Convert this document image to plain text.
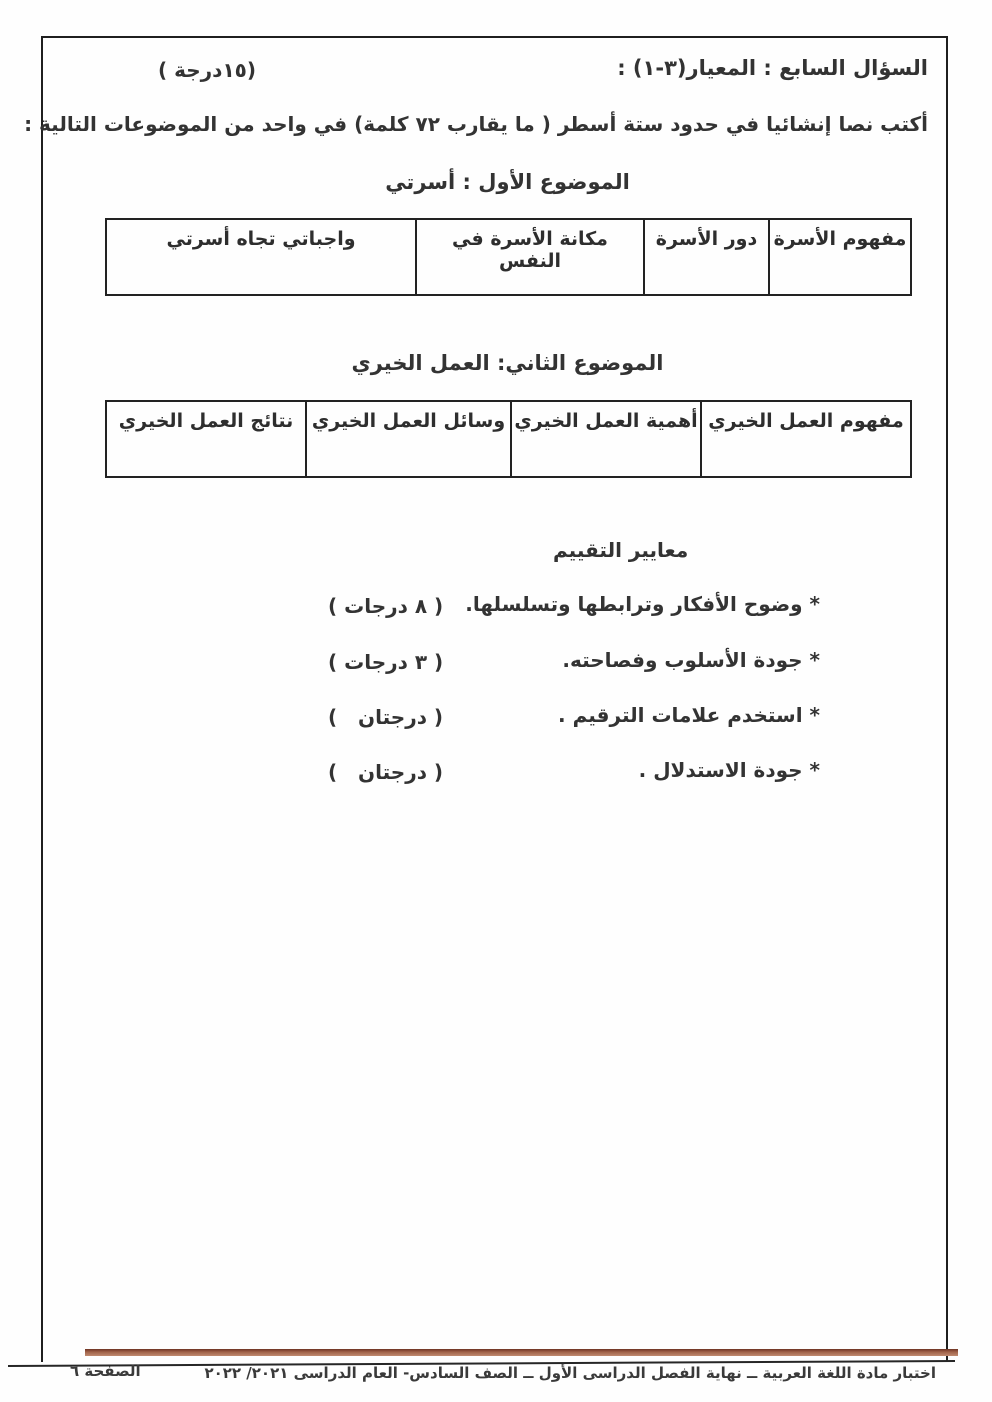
السؤال السابع : المعيار(٣-١) :
( ١٥درجة)
أكتب نصا إنشائيا في حدود ستة أسطر ( ما يقارب ٧٢ كلمة) في واحد من الموضوعات التالية :
الموضوع الأول : أسرتي
مفهوم الأسرة	دور الأسرة	مكانة الأسرة في النفس	واجباتي تجاه أسرتي
الموضوع الثاني: العمل الخيري
مفهوم العمل الخيري	أهمية العمل الخيري	وسائل العمل الخيري	نتائج العمل الخيري
معايير التقييم
* وضوح الأفكار وترابطها وتسلسلها.
( ٨ درجات )
* جودة الأسلوب وفصاحته.
( ٣ درجات )
* استخدم علامات الترقيم .
(   درجتان )
* جودة الاستدلال .
(   درجتان )
اختبار مادة اللغة العربية ــ نهاية الفصل الدراسى الأول ــ الصف السادس- العام الدراسى ٢٠٢١/ ٢٠٢٢
الصفحة ٦
